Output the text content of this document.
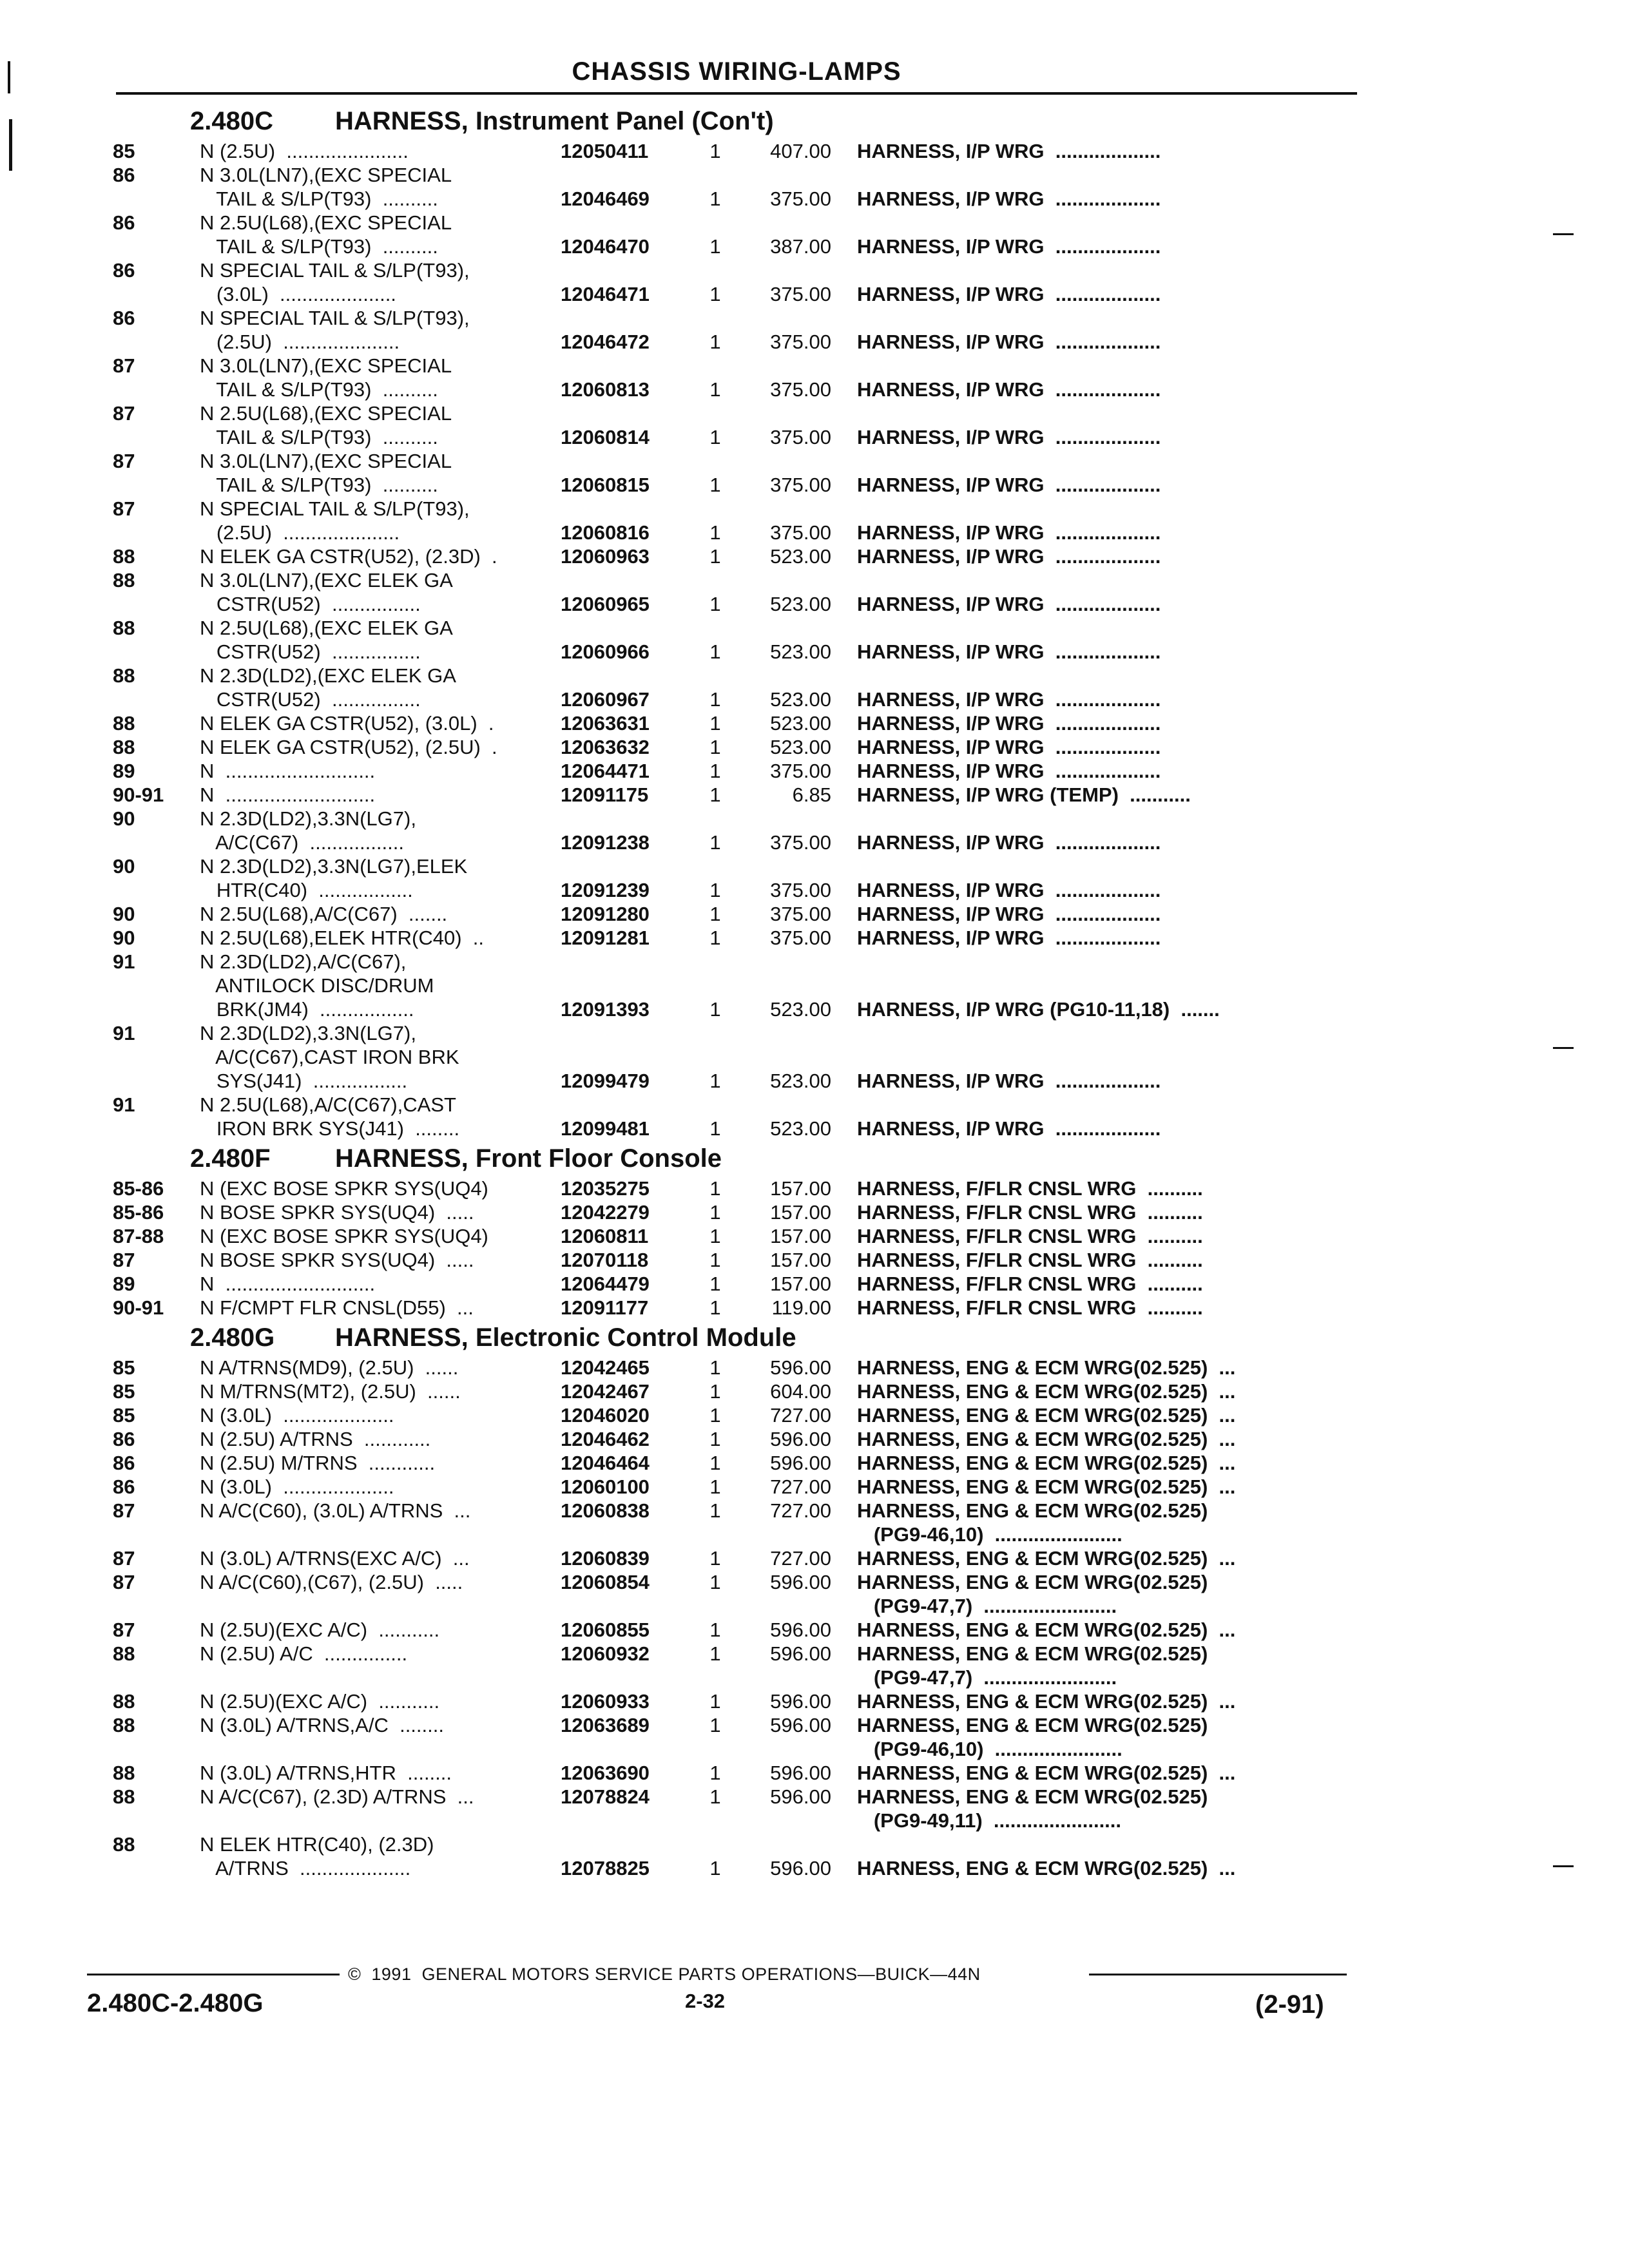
CHASSIS WIRING-LAMPS
2.480C	HARNESS, Instrument Panel (Con't)
85	N (2.5U)  ......................	12050411	1	407.00	HARNESS, I/P WRG  ...................
86	N 3.0L(LN7),(EXC SPECIAL
TAIL & S/LP(T93)  ..........	12046469	1	375.00	HARNESS, I/P WRG  ...................
86	N 2.5U(L68),(EXC SPECIAL
TAIL & S/LP(T93)  ..........	12046470	1	387.00	HARNESS, I/P WRG  ...................
86	N SPECIAL TAIL & S/LP(T93),
(3.0L)  .....................	12046471	1	375.00	HARNESS, I/P WRG  ...................
86	N SPECIAL TAIL & S/LP(T93),
(2.5U)  .....................	12046472	1	375.00	HARNESS, I/P WRG  ...................
87	N 3.0L(LN7),(EXC SPECIAL
TAIL & S/LP(T93)  ..........	12060813	1	375.00	HARNESS, I/P WRG  ...................
87	N 2.5U(L68),(EXC SPECIAL
TAIL & S/LP(T93)  ..........	12060814	1	375.00	HARNESS, I/P WRG  ...................
87	N 3.0L(LN7),(EXC SPECIAL
TAIL & S/LP(T93)  ..........	12060815	1	375.00	HARNESS, I/P WRG  ...................
87	N SPECIAL TAIL & S/LP(T93),
(2.5U)  .....................	12060816	1	375.00	HARNESS, I/P WRG  ...................
88	N ELEK GA CSTR(U52), (2.3D)  .	12060963	1	523.00	HARNESS, I/P WRG  ...................
88	N 3.0L(LN7),(EXC ELEK GA
CSTR(U52)  ................	12060965	1	523.00	HARNESS, I/P WRG  ...................
88	N 2.5U(L68),(EXC ELEK GA
CSTR(U52)  ................	12060966	1	523.00	HARNESS, I/P WRG  ...................
88	N 2.3D(LD2),(EXC ELEK GA
CSTR(U52)  ................	12060967	1	523.00	HARNESS, I/P WRG  ...................
88	N ELEK GA CSTR(U52), (3.0L)  .	12063631	1	523.00	HARNESS, I/P WRG  ...................
88	N ELEK GA CSTR(U52), (2.5U)  .	12063632	1	523.00	HARNESS, I/P WRG  ...................
89	N  ...........................	12064471	1	375.00	HARNESS, I/P WRG  ...................
90-91	N  ...........................	12091175	1	6.85	HARNESS, I/P WRG (TEMP)  ...........
90	N 2.3D(LD2),3.3N(LG7),
A/C(C67)  .................	12091238	1	375.00	HARNESS, I/P WRG  ...................
90	N 2.3D(LD2),3.3N(LG7),ELEK
HTR(C40)  .................	12091239	1	375.00	HARNESS, I/P WRG  ...................
90	N 2.5U(L68),A/C(C67)  .......	12091280	1	375.00	HARNESS, I/P WRG  ...................
90	N 2.5U(L68),ELEK HTR(C40)  ..	12091281	1	375.00	HARNESS, I/P WRG  ...................
91	N 2.3D(LD2),A/C(C67),
ANTILOCK DISC/DRUM
BRK(JM4)  .................	12091393	1	523.00	HARNESS, I/P WRG (PG10-11,18)  .......
91	N 2.3D(LD2),3.3N(LG7),
A/C(C67),CAST IRON BRK
SYS(J41)  .................	12099479	1	523.00	HARNESS, I/P WRG  ...................
91	N 2.5U(L68),A/C(C67),CAST
IRON BRK SYS(J41)  ........	12099481	1	523.00	HARNESS, I/P WRG  ...................
2.480F	HARNESS, Front Floor Console
85-86	N (EXC BOSE SPKR SYS(UQ4)	12035275	1	157.00	HARNESS, F/FLR CNSL WRG  ..........
85-86	N BOSE SPKR SYS(UQ4)  .....	12042279	1	157.00	HARNESS, F/FLR CNSL WRG  ..........
87-88	N (EXC BOSE SPKR SYS(UQ4)	12060811	1	157.00	HARNESS, F/FLR CNSL WRG  ..........
87	N BOSE SPKR SYS(UQ4)  .....	12070118	1	157.00	HARNESS, F/FLR CNSL WRG  ..........
89	N  ...........................	12064479	1	157.00	HARNESS, F/FLR CNSL WRG  ..........
90-91	N F/CMPT FLR CNSL(D55)  ...	12091177	1	119.00	HARNESS, F/FLR CNSL WRG  ..........
2.480G	HARNESS, Electronic Control Module
85	N A/TRNS(MD9), (2.5U)  ......	12042465	1	596.00	HARNESS, ENG & ECM WRG(02.525)  ...
85	N M/TRNS(MT2), (2.5U)  ......	12042467	1	604.00	HARNESS, ENG & ECM WRG(02.525)  ...
85	N (3.0L)  ....................	12046020	1	727.00	HARNESS, ENG & ECM WRG(02.525)  ...
86	N (2.5U) A/TRNS  ............	12046462	1	596.00	HARNESS, ENG & ECM WRG(02.525)  ...
86	N (2.5U) M/TRNS  ............	12046464	1	596.00	HARNESS, ENG & ECM WRG(02.525)  ...
86	N (3.0L)  ....................	12060100	1	727.00	HARNESS, ENG & ECM WRG(02.525)  ...
87	N A/C(C60), (3.0L) A/TRNS  ...	12060838	1	727.00	HARNESS, ENG & ECM WRG(02.525)
(PG9-46,10)  .......................
87	N (3.0L) A/TRNS(EXC A/C)  ...	12060839	1	727.00	HARNESS, ENG & ECM WRG(02.525)  ...
87	N A/C(C60),(C67), (2.5U)  .....	12060854	1	596.00	HARNESS, ENG & ECM WRG(02.525)
(PG9-47,7)  ........................
87	N (2.5U)(EXC A/C)  ...........	12060855	1	596.00	HARNESS, ENG & ECM WRG(02.525)  ...
88	N (2.5U) A/C  ...............	12060932	1	596.00	HARNESS, ENG & ECM WRG(02.525)
(PG9-47,7)  ........................
88	N (2.5U)(EXC A/C)  ...........	12060933	1	596.00	HARNESS, ENG & ECM WRG(02.525)  ...
88	N (3.0L) A/TRNS,A/C  ........	12063689	1	596.00	HARNESS, ENG & ECM WRG(02.525)
(PG9-46,10)  .......................
88	N (3.0L) A/TRNS,HTR  ........	12063690	1	596.00	HARNESS, ENG & ECM WRG(02.525)  ...
88	N A/C(C67), (2.3D) A/TRNS  ...	12078824	1	596.00	HARNESS, ENG & ECM WRG(02.525)
(PG9-49,11)  .......................
88	N ELEK HTR(C40), (2.3D)
A/TRNS  ....................	12078825	1	596.00	HARNESS, ENG & ECM WRG(02.525)  ...
©  1991  GENERAL MOTORS SERVICE PARTS OPERATIONS—BUICK—44N
2.480C-2.480G	2-32	(2-91)
